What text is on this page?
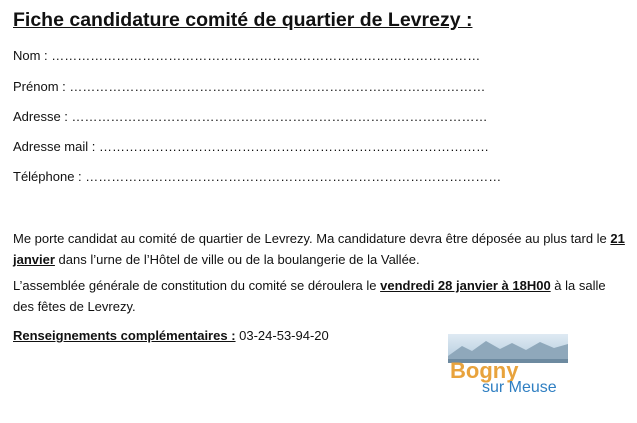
Fiche candidature comité de quartier de Levrezy :
Nom : ………………………………………………………………………………………
Prénom : ……………………………………………………………………………………
Adresse : ……………………………………………………………………………………
Adresse mail : ………………………………………………………………………………
Téléphone : ……………………………………………………………………………………

Me porte candidat au comité de quartier de Levrezy. Ma candidature devra être déposée au plus tard le 21 janvier dans l’urne de l’Hôtel de ville ou de la boulangerie de la Vallée.

L’assemblée générale de constitution du comité se déroulera le vendredi 28 janvier à 18H00 à la salle des fêtes de Levrezy.

Renseignements complémentaires : 03-24-53-94-20

Bogny
sur Meuse
